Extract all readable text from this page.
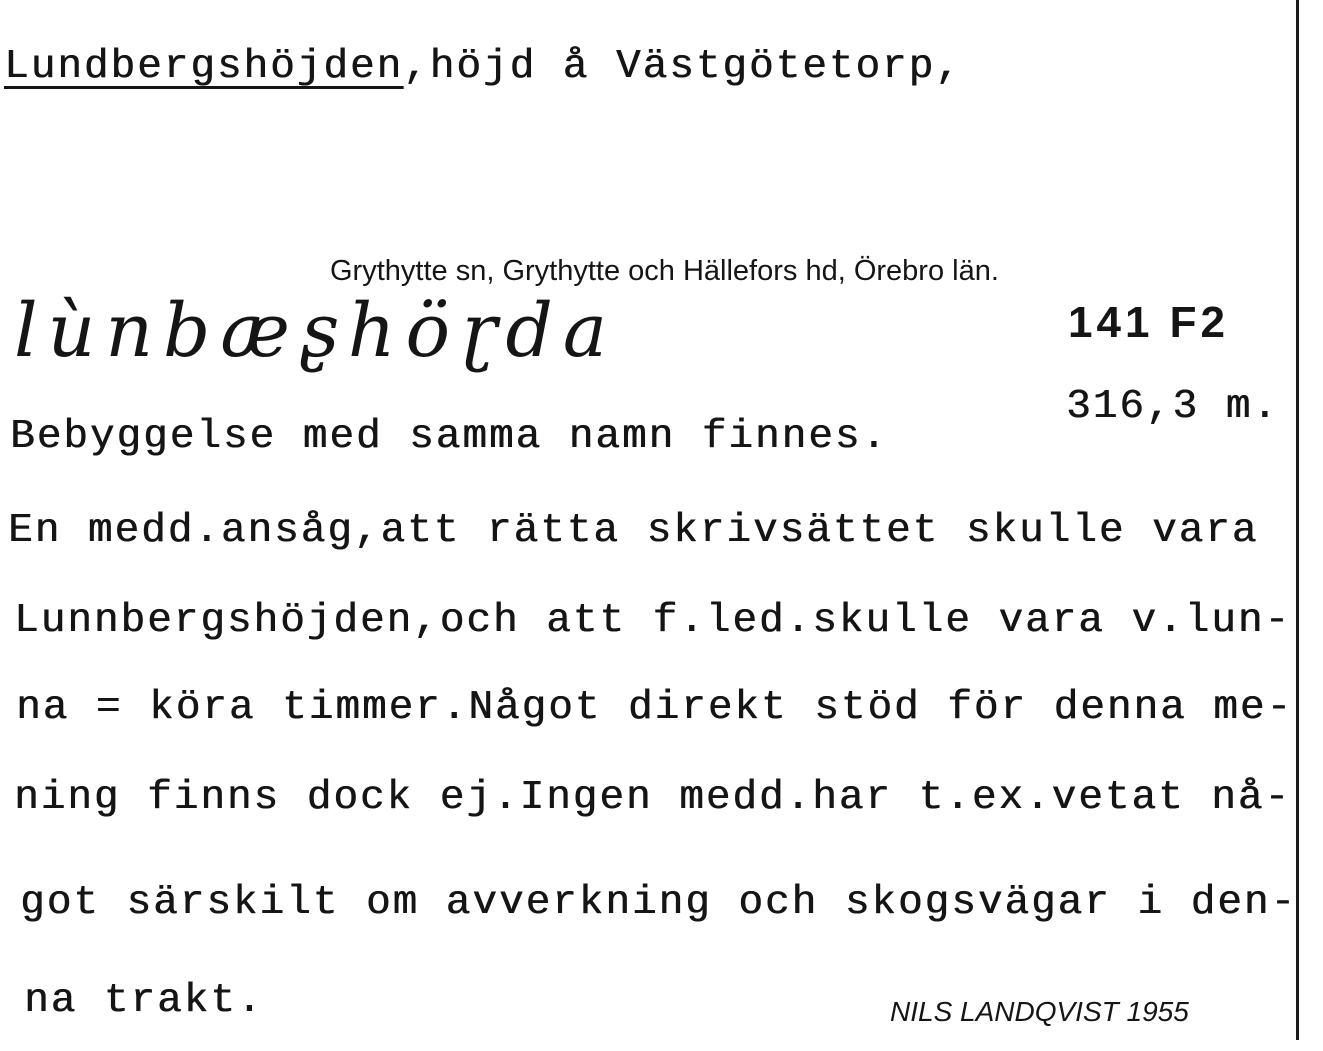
Lundbergshöjden,höjd å Västgötetorp,
Grythytte sn, Grythytte och Hällefors hd, Örebro län.
lùnbæʂhöɽda	141 F2
316,3 m.
Bebyggelse med samma namn finnes.
En medd.ansåg,att rätta skrivsättet skulle vara
Lunnbergshöjden,och att f.led.skulle vara v.lun-
na = köra timmer.Något direkt stöd för denna me-
ning finns dock ej.Ingen medd.har t.ex.vetat nå-
got särskilt om avverkning och skogsvägar i den-
na trakt.	NILS LANDQVIST 1955
